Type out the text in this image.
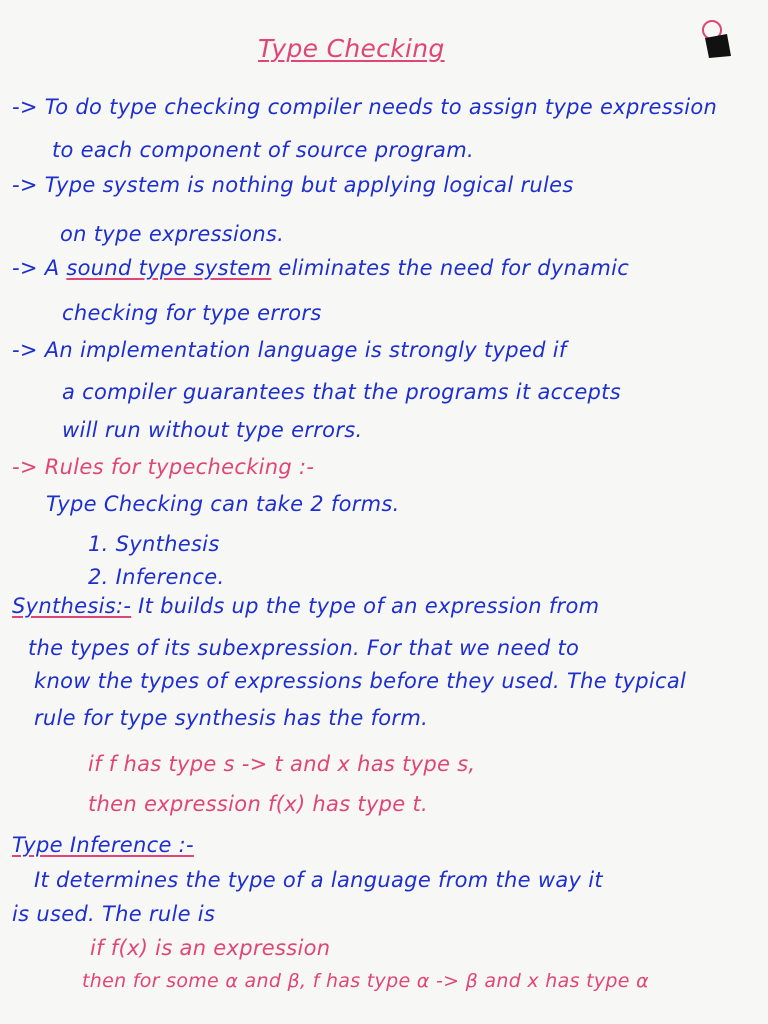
Type Checking
-> To do type checking compiler needs to assign type expression
to each component of source program.
-> Type system is nothing but applying logical rules
on type expressions.
-> A sound type system eliminates the need for dynamic
checking for type errors
-> An implementation language is strongly typed if
a compiler guarantees that the programs it accepts
will run without type errors.
-> Rules for typechecking :-
Type Checking can take 2 forms.
1. Synthesis
2. Inference.
Synthesis:- It builds up the type of an expression from
the types of its subexpression. For that we need to
know the types of expressions before they used. The typical
rule for type synthesis has the form.
if f has type s -> t and x has type s,
then expression f(x) has type t.
Type Inference :-
It determines the type of a language from the way it
is used. The rule is
if f(x) is an expression
then for some α and β, f has type α -> β and x has type α
